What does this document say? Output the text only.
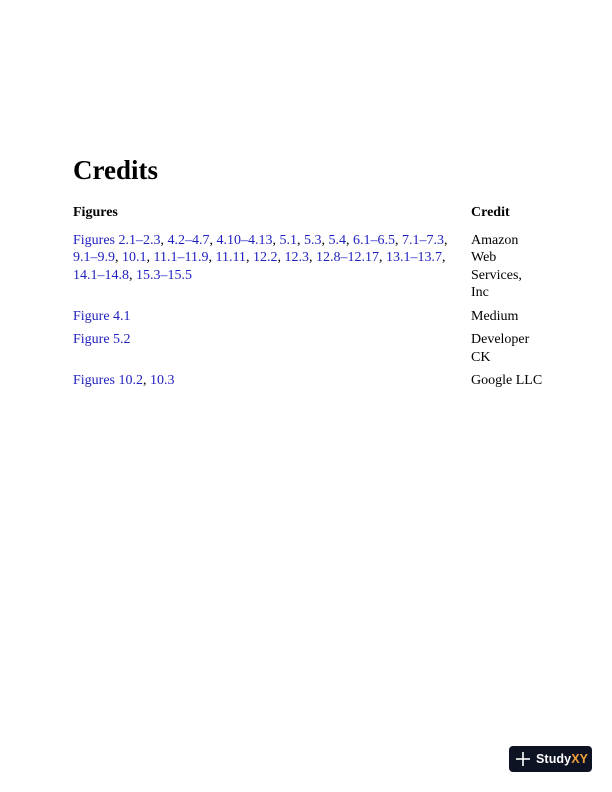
Credits
Figures	Credit
Figures 2.1–2.3, 4.2–4.7, 4.10–4.13, 5.1, 5.3, 5.4, 6.1–6.5, 7.1–7.3, 9.1–9.9, 10.1, 11.1–11.9, 11.11, 12.2, 12.3, 12.8–12.17, 13.1–13.7, 14.1–14.8, 15.3–15.5	Amazon Web Services, Inc
Figure 4.1	Medium
Figure 5.2	Developer CK
Figures 10.2, 10.3	Google LLC
StudyXY
